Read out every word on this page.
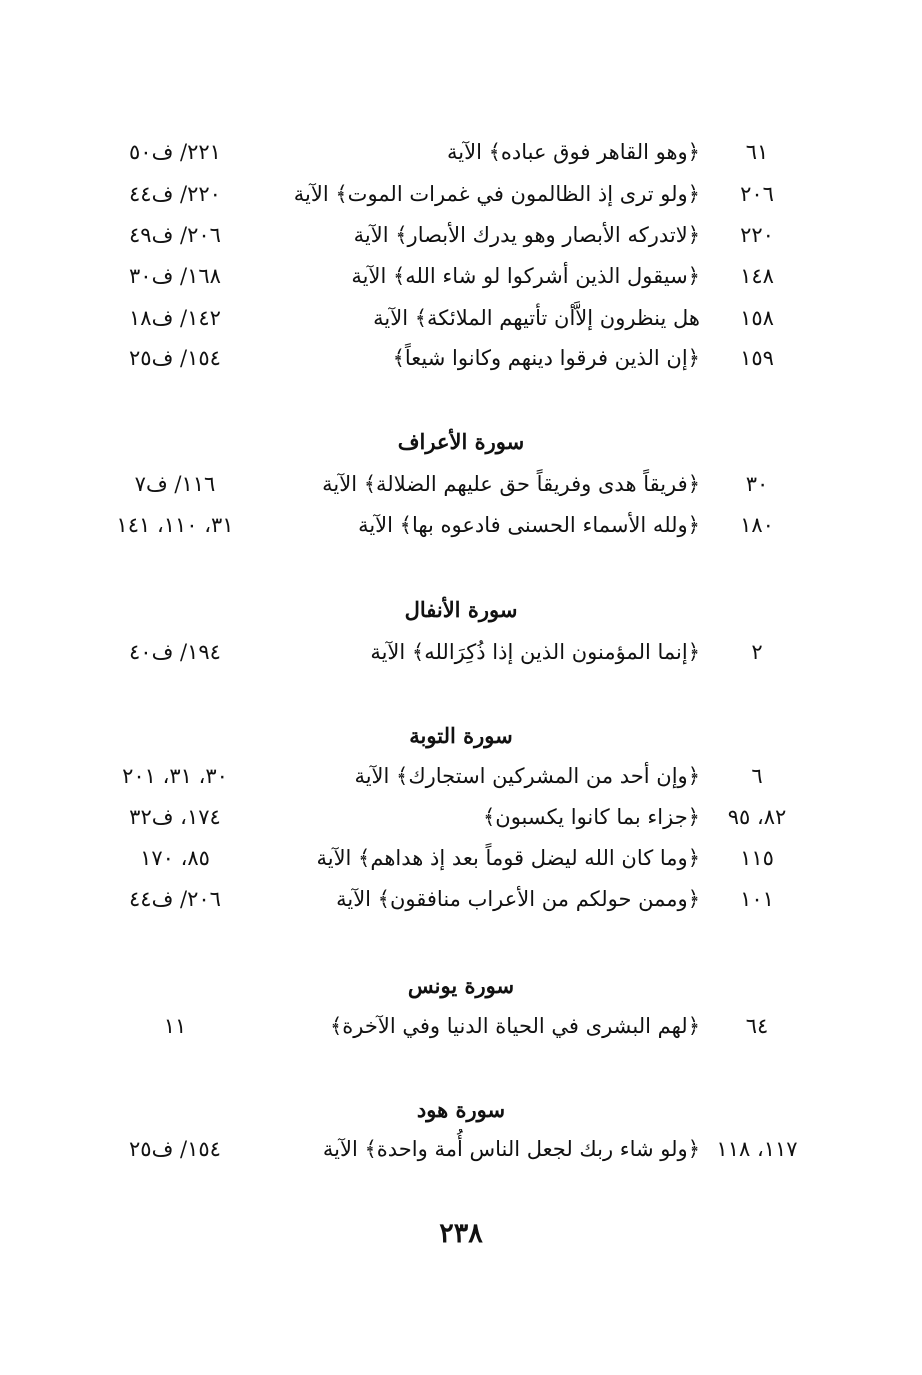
٦١
﴿وهو القاهر فوق عباده﴾ الآية
٢٢١/ ف٥٠
٢٠٦
﴿ولو ترى إذ الظالمون في غمرات الموت﴾ الآية
٢٢٠/ ف٤٤
٢٢٠
﴿لاتدركه الأبصار وهو يدرك الأبصار﴾ الآية
٢٠٦/ ف٤٩
١٤٨
﴿سيقول الذين أشركوا لو شاء الله﴾ الآية
١٦٨/ ف٣٠
١٥٨
هل ينظرون إلاَّأن تأتيهم الملائكة﴾ الآية
١٤٢/ ف١٨
١٥٩
﴿إن الذين فرقوا دينهم وكانوا شيعاً﴾
١٥٤/ ف٢٥
سورة الأعراف
٣٠
﴿فريقاً هدى وفريقاً حق عليهم الضلالة﴾ الآية
١١٦/ ف٧
١٨٠
﴿ولله الأسماء الحسنى فادعوه بها﴾ الآية
٣١، ١١٠، ١٤١
سورة الأنفال
٢
﴿إنما المؤمنون الذين إذا ذُكِرَالله﴾ الآية
١٩٤/ ف٤٠
سورة التوبة
٦
﴿وإن أحد من المشركين استجارك﴾ الآية
٣٠، ٣١، ٢٠١
٨٢، ٩٥
﴿جزاء بما كانوا يكسبون﴾
١٧٤، ف٣٢
١١٥
﴿وما كان الله ليضل قوماً بعد إذ هداهم﴾ الآية
٨٥، ١٧٠
١٠١
﴿وممن حولكم من الأعراب منافقون﴾ الآية
٢٠٦/ ف٤٤
سورة يونس
٦٤
﴿لهم البشرى في الحياة الدنيا وفي الآخرة﴾
١١
سورة هود
١١٧، ١١٨
﴿ولو شاء ربك لجعل الناس أُمة واحدة﴾ الآية
١٥٤/ ف٢٥
٢٣٨
